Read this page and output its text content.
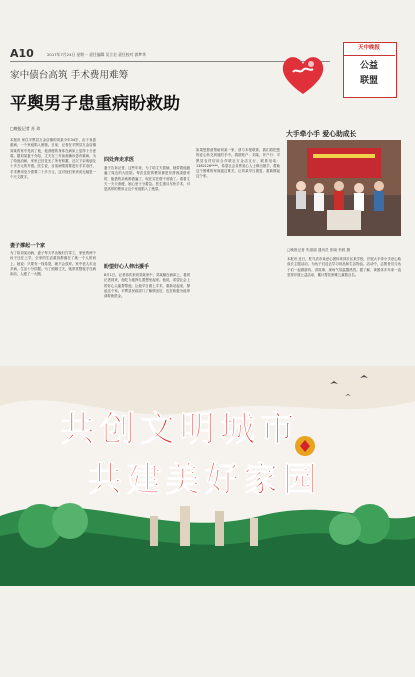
A10	2017年7月24日 星期一 责任编辑 吴立宏 责任校对 郭梦华
天中晚报
公益
联盟
家中债台高筑 手术费用难筹
平舆男子患重病盼救助
□晚报记者 苏 玮
本报讯 家住平舆县万金店镇的刘某今年34岁，由于身患重病，一个家庭陷入困境。日前，记者在平舆县万金店镇刘某的家中见到了他，他消瘦的身体在病床上显得十分虚弱。据刘某妻子介绍，丈夫在三年前被确诊患有重病，为了给他治病，家里已经花光了所有积蓄，还欠下亲戚朋友十多万元的外债。医生说，目前病情需要进行手术治疗，手术费用至少需要二十多万元，这对他们家来说无疑是一个天文数字。
妻子撑起一个家
为了给刘某治病，妻子每天早出晚归打零工，家里的两个孩子还在上学，全家的生活重担都落在了她一个人的肩上。她说：只要有一线希望，就不会放弃。家中老人年迈多病，生活十分拮据。为了照顾丈夫，她常常整夜守在病床前，人瘦了一大圈。
四处奔走求医
妻子告诉记者，这些年来，为了给丈夫看病，她带着他跑遍了周边的大医院。每次住院的费用都是东拼西凑借来的，能借的亲戚都借遍了，现在实在借不到钱了。看着丈夫一天天消瘦，她心里十分着急。医生建议尽快手术，可是高昂的费用让这个家庭陷入了绝望。
盼望好心人伸出援手
8月1日，记者再次来到刘某家中，刘某躺在病床上，看到记者到来，他吃力地挣扎着想坐起来。他说，希望社会上的好心人能帮帮他，让他早日做上手术，重新站起来，撑起这个家。平舆县民政部门了解情况后，也在积极为他申请救助资金。
如果您愿意帮助刘某一家，请与本报联系，我们将把您的爱心转交到他的手中。捐款账户：刘某，开户行：平舆县农村信用合作联社万金店支行，联系电话：1382126****。希望社会各界爱心人士伸出援手，帮助这个困难的家庭渡过难关，让刘某早日康复，重新撑起这个家。
大手牵小手 爱心助成长
□晚报记者 朱丽丽 通讯员 张晓 李晨 摄
本报讯 近日，驻马店市某爱心团体来到市区某学校，开展大手牵小手爱心助成长主题活动，为孩子们送去学习用品和生活物品。活动中，志愿者们与孩子们一起做游戏、讲故事，现场气氛温馨热烈。据了解，该团体多年来一直坚持开展公益活动，累计帮扶困难儿童数百名。
共创文明城市
共建美好家园
